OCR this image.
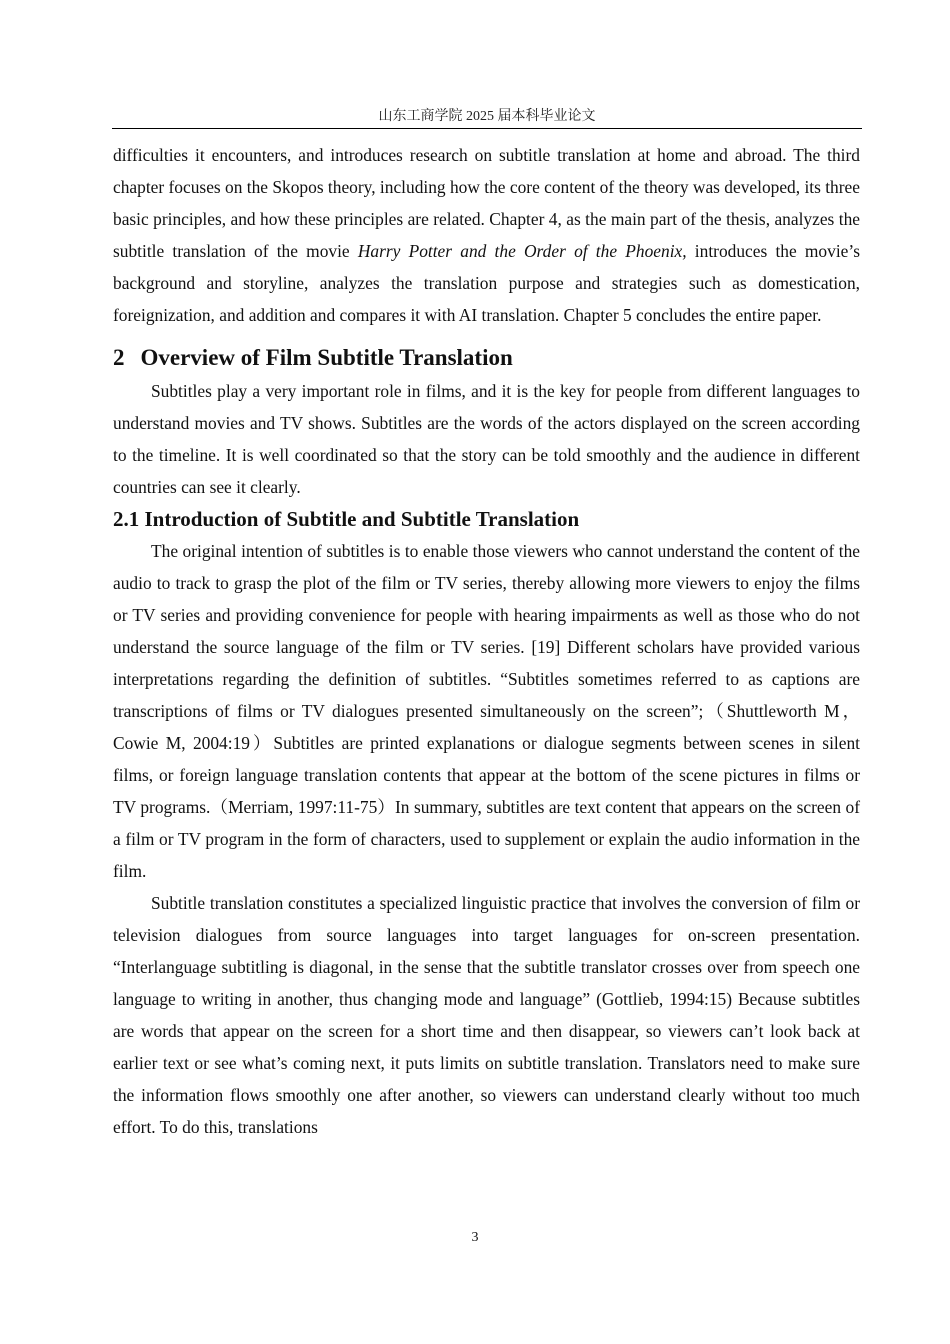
山东工商学院 2025 届本科毕业论文

difficulties it encounters, and introduces research on subtitle translation at home and abroad. The third chapter focuses on the Skopos theory, including how the core content of the theory was developed, its three basic principles, and how these principles are related. Chapter 4, as the main part of the thesis, analyzes the subtitle translation of the movie Harry Potter and the Order of the Phoenix, introduces the movie’s background and storyline, analyzes the translation purpose and strategies such as domestication, foreignization, and addition and compares it with AI translation. Chapter 5 concludes the entire paper.

2 Overview of Film Subtitle Translation

Subtitles play a very important role in films, and it is the key for people from different languages to understand movies and TV shows. Subtitles are the words of the actors displayed on the screen according to the timeline. It is well coordinated so that the story can be told smoothly and the audience in different countries can see it clearly.

2.1 Introduction of Subtitle and Subtitle Translation

The original intention of subtitles is to enable those viewers who cannot understand the content of the audio to track to grasp the plot of the film or TV series, thereby allowing more viewers to enjoy the films or TV series and providing convenience for people with hearing impairments as well as those who do not understand the source language of the film or TV series. [19] Different scholars have provided various interpretations regarding the definition of subtitles. “Subtitles sometimes referred to as captions are transcriptions of films or TV dialogues presented simultaneously on the screen”;（Shuttleworth M，Cowie M, 2004:19）Subtitles are printed explanations or dialogue segments between scenes in silent films, or foreign language translation contents that appear at the bottom of the scene pictures in films or TV programs.（Merriam, 1997:11-75）In summary, subtitles are text content that appears on the screen of a film or TV program in the form of characters, used to supplement or explain the audio information in the film.

Subtitle translation constitutes a specialized linguistic practice that involves the conversion of film or television dialogues from source languages into target languages for on-screen presentation. “Interlanguage subtitling is diagonal, in the sense that the subtitle translator crosses over from speech one language to writing in another, thus changing mode and language” (Gottlieb, 1994:15) Because subtitles are words that appear on the screen for a short time and then disappear, so viewers can’t look back at earlier text or see what’s coming next, it puts limits on subtitle translation. Translators need to make sure the information flows smoothly one after another, so viewers can understand clearly without too much effort. To do this, translations

3
